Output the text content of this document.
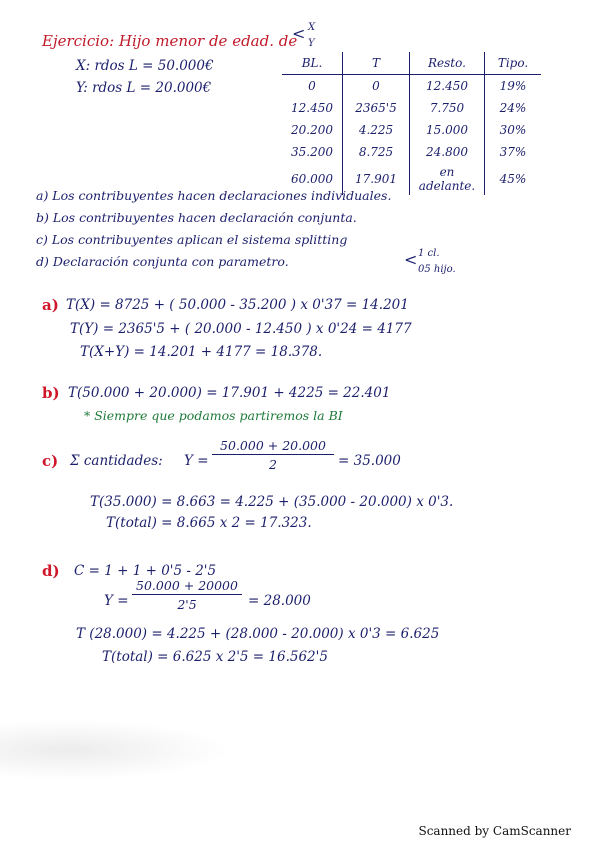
Ejercicio: Hijo menor de edad. de
< X
Y
X: rdos L = 50.000€
Y: rdos L = 20.000€
BL.	T	Resto.	Tipo.
0	0	12.450	19%
12.450	2365'5	7.750	24%
20.200	4.225	15.000	30%
35.200	8.725	24.800	37%
60.000	17.901	en adelante.	45%
a) Los contribuyentes hacen declaraciones individuales.
b) Los contribuyentes hacen declaración conjunta.
c) Los contribuyentes aplican el sistema splitting
d) Declaración conjunta con parametro.	< 1 cl.
05 hijo.
a) T(X) = 8725 + ( 50.000 - 35.200 ) x 0'37 = 14.201
T(Y) = 2365'5 + ( 20.000 - 12.450 ) x 0'24 = 4177
T(X+Y) = 14.201 + 4177 = 18.378.
b) T(50.000 + 20.000) = 17.901 + 4225 = 22.401
* Siempre que podamos partiremos la BI
c) Σ cantidades: Y =
50.000 + 20.000
2	= 35.000
T(35.000) = 8.663 = 4.225 + (35.000 - 20.000) x 0'3.
T(total) = 8.665 x 2 = 17.323.
d) C = 1 + 1 + 0'5 - 2'5
Y =
50.000 + 20000
2'5	= 28.000
T (28.000) = 4.225 + (28.000 - 20.000) x 0'3 = 6.625
T(total) = 6.625 x 2'5 = 16.562'5
Scanned by CamScanner
